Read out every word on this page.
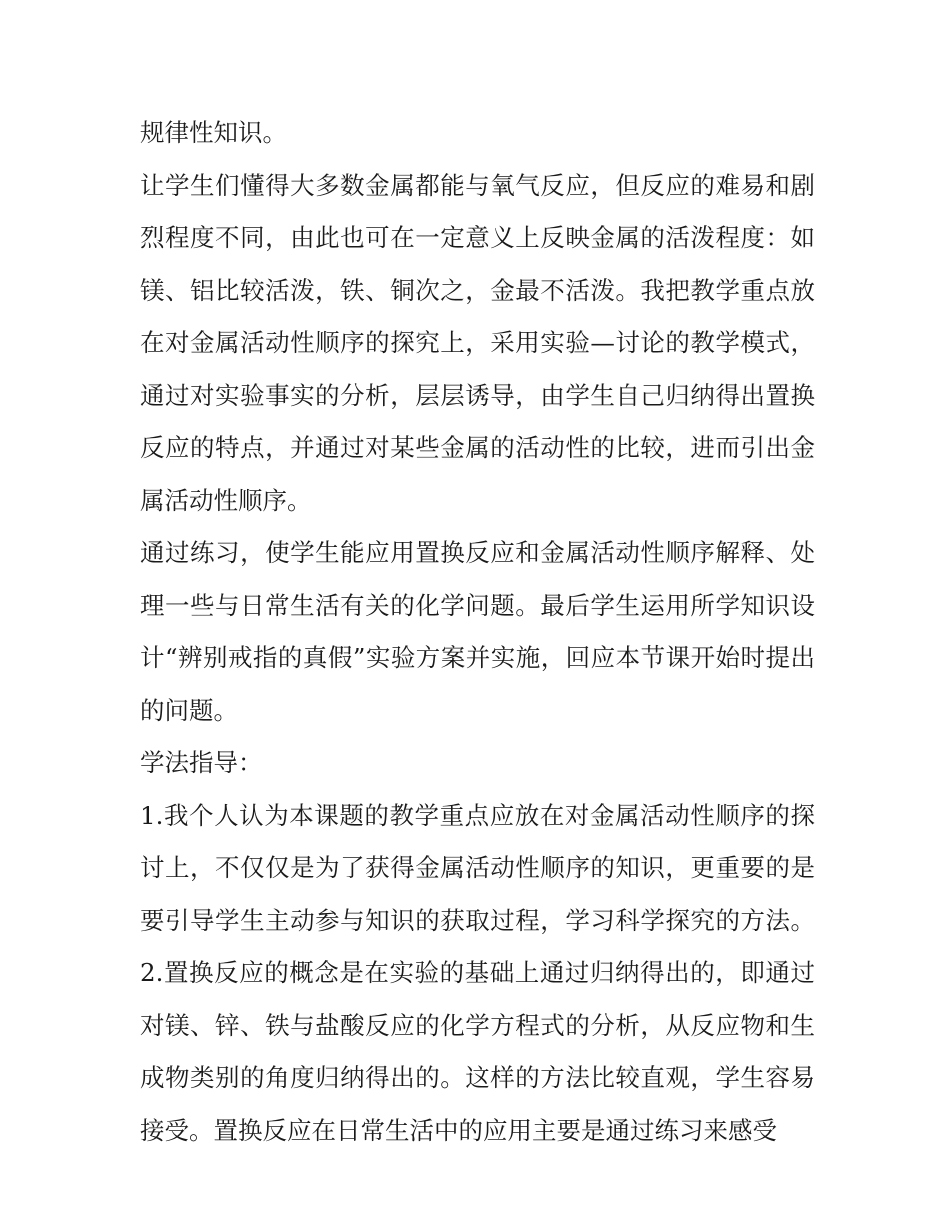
规律性知识。
让学生们懂得大多数金属都能与氧气反应，但反应的难易和剧
烈程度不同，由此也可在一定意义上反映金属的活泼程度：如
镁、铝比较活泼，铁、铜次之，金最不活泼。我把教学重点放
在对金属活动性顺序的探究上，采用实验—讨论的教学模式，
通过对实验事实的分析，层层诱导，由学生自己归纳得出置换
反应的特点，并通过对某些金属的活动性的比较，进而引出金
属活动性顺序。
通过练习，使学生能应用置换反应和金属活动性顺序解释、处
理一些与日常生活有关的化学问题。最后学生运用所学知识设
计“辨别戒指的真假”实验方案并实施，回应本节课开始时提出
的问题。
学法指导：
1.我个人认为本课题的教学重点应放在对金属活动性顺序的探
讨上，不仅仅是为了获得金属活动性顺序的知识，更重要的是
要引导学生主动参与知识的获取过程，学习科学探究的方法。
2.置换反应的概念是在实验的基础上通过归纳得出的，即通过
对镁、锌、铁与盐酸反应的化学方程式的分析，从反应物和生
成物类别的角度归纳得出的。这样的方法比较直观，学生容易
接受。置换反应在日常生活中的应用主要是通过练习来感受
